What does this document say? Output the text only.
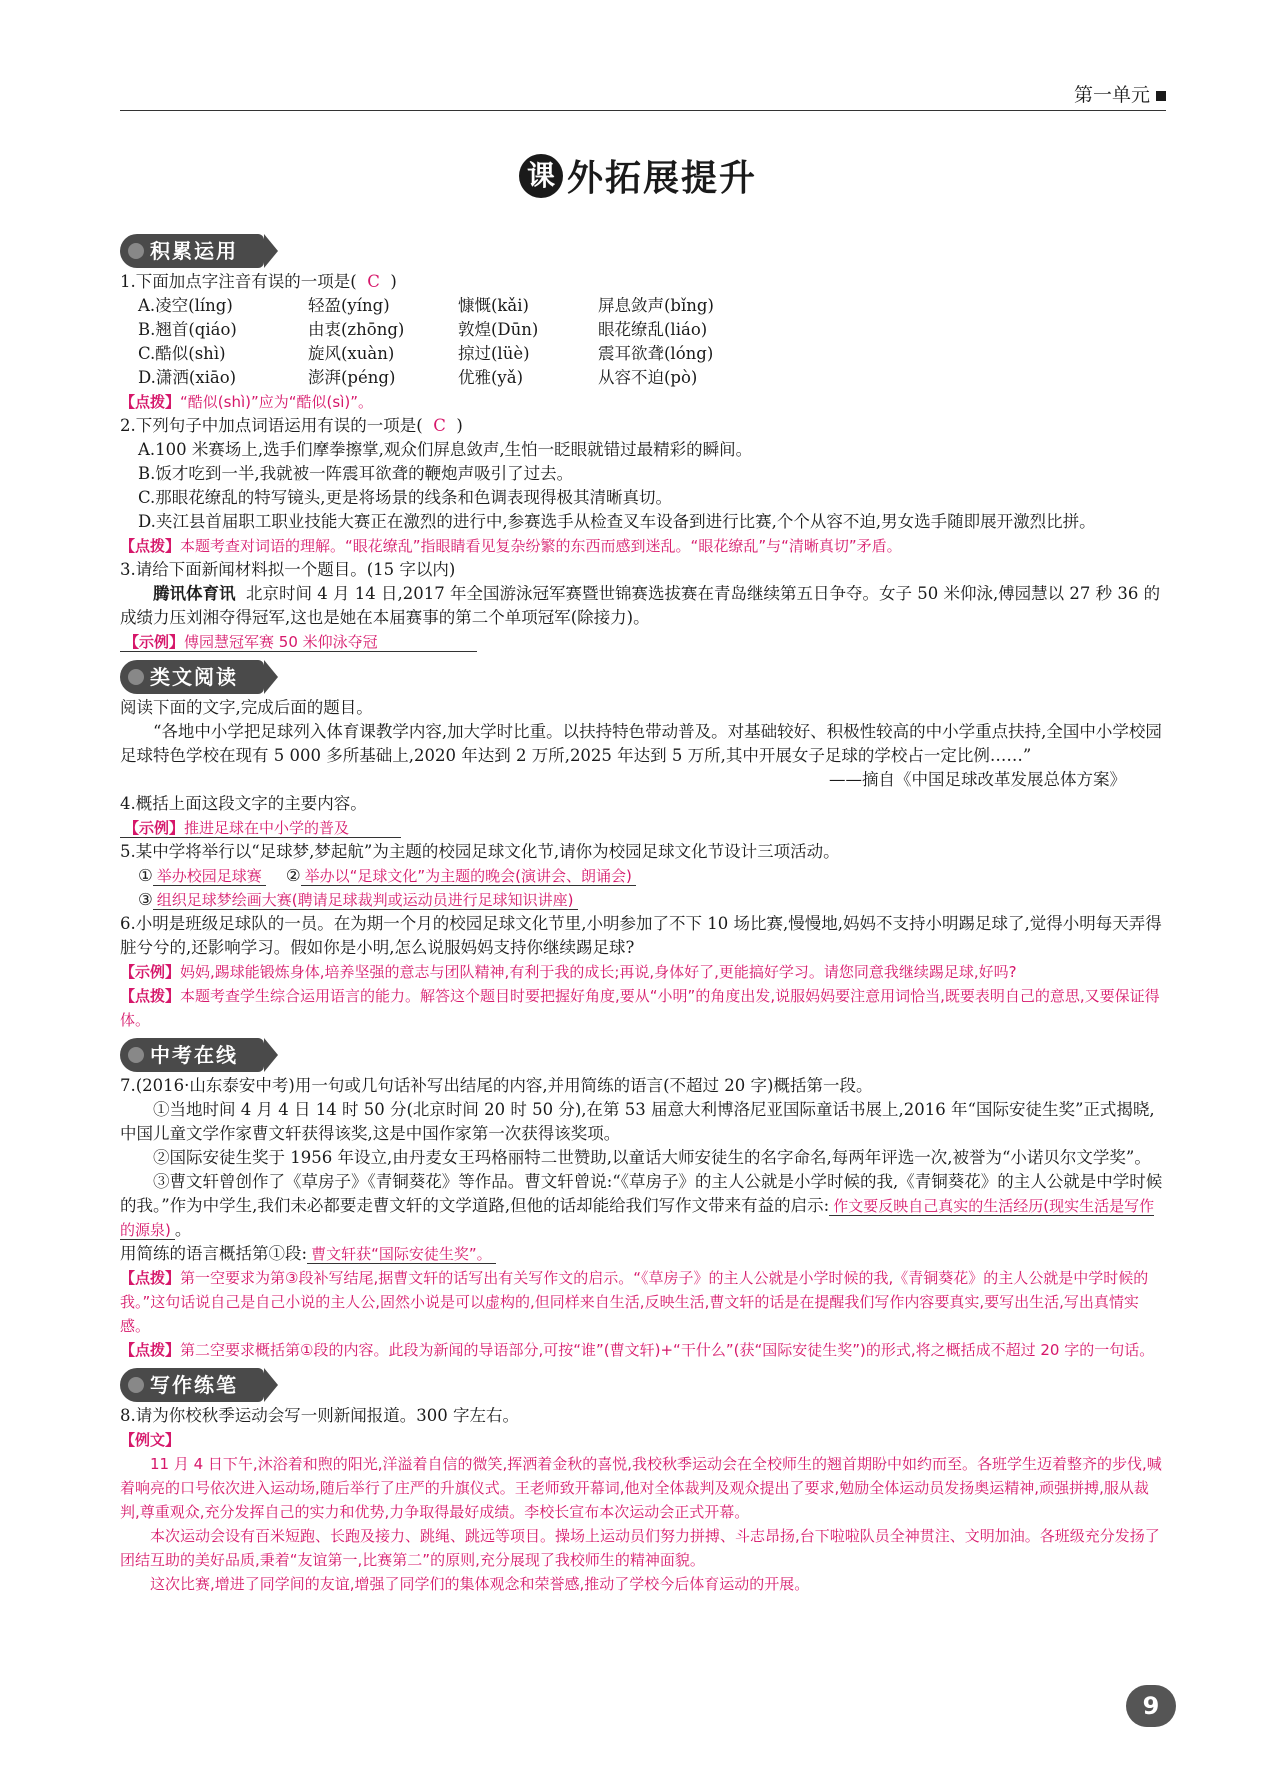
第一单元
课 外拓展提升
积累运用

1.下面加点字注音有误的一项是( C )

A.凌空(líng)	轻盈(yíng)	慷慨(kǎi)	屏息敛声(bǐng)
B.翘首(qiáo)	由衷(zhōng)	敦煌(Dūn)	眼花缭乱(liáo)
C.酷似(shì)	旋风(xuàn)	掠过(lüè)	震耳欲聋(lóng)
D.潇洒(xiāo)	澎湃(péng)	优雅(yǎ)	从容不迫(pò)

【点拨】“酷似(shì)”应为“酷似(sì)”。

2.下列句子中加点词语运用有误的一项是( C )

A.100 米赛场上,选手们摩拳擦掌,观众们屏息敛声,生怕一眨眼就错过最精彩的瞬间。

B.饭才吃到一半,我就被一阵震耳欲聋的鞭炮声吸引了过去。

C.那眼花缭乱的特写镜头,更是将场景的线条和色调表现得极其清晰真切。

D.夹江县首届职工职业技能大赛正在激烈的进行中,参赛选手从检查叉车设备到进行比赛,个个从容不迫,男女选手随即展开激烈比拼。

【点拨】本题考查对词语的理解。“眼花缭乱”指眼睛看见复杂纷繁的东西而感到迷乱。“眼花缭乱”与“清晰真切”矛盾。

3.请给下面新闻材料拟一个题目。(15 字以内)

腾讯体育讯 北京时间 4 月 14 日,2017 年全国游泳冠军赛暨世锦赛选拔赛在青岛继续第五日争夺。女子 50 米仰泳,傅园慧以 27 秒 36 的成绩力压刘湘夺得冠军,这也是她在本届赛事的第二个单项冠军(除接力)。

【示例】傅园慧冠军赛 50 米仰泳夺冠

类文阅读

阅读下面的文字,完成后面的题目。

“各地中小学把足球列入体育课教学内容,加大学时比重。以扶持特色带动普及。对基础较好、积极性较高的中小学重点扶持,全国中小学校园足球特色学校在现有 5 000 多所基础上,2020 年达到 2 万所,2025 年达到 5 万所,其中开展女子足球的学校占一定比例……”

——摘自《中国足球改革发展总体方案》

4.概括上面这段文字的主要内容。

【示例】推进足球在中小学的普及

5.某中学将举行以“足球梦,梦起航”为主题的校园足球文化节,请你为校园足球文化节设计三项活动。

① 举办校园足球赛 ② 举办以“足球文化”为主题的晚会(演讲会、朗诵会)

③ 组织足球梦绘画大赛(聘请足球裁判或运动员进行足球知识讲座)

6.小明是班级足球队的一员。在为期一个月的校园足球文化节里,小明参加了不下 10 场比赛,慢慢地,妈妈不支持小明踢足球了,觉得小明每天弄得脏兮兮的,还影响学习。假如你是小明,怎么说服妈妈支持你继续踢足球?

【示例】妈妈,踢球能锻炼身体,培养坚强的意志与团队精神,有利于我的成长;再说,身体好了,更能搞好学习。请您同意我继续踢足球,好吗?

【点拨】本题考查学生综合运用语言的能力。解答这个题目时要把握好角度,要从“小明”的角度出发,说服妈妈要注意用词恰当,既要表明自己的意思,又要保证得体。

中考在线

7.(2016·山东泰安中考)用一句或几句话补写出结尾的内容,并用简练的语言(不超过 20 字)概括第一段。

①当地时间 4 月 4 日 14 时 50 分(北京时间 20 时 50 分),在第 53 届意大利博洛尼亚国际童话书展上,2016 年“国际安徒生奖”正式揭晓,中国儿童文学作家曹文轩获得该奖,这是中国作家第一次获得该奖项。

②国际安徒生奖于 1956 年设立,由丹麦女王玛格丽特二世赞助,以童话大师安徒生的名字命名,每两年评选一次,被誉为“小诺贝尔文学奖”。

③曹文轩曾创作了《草房子》《青铜葵花》等作品。曹文轩曾说:“《草房子》的主人公就是小学时候的我,《青铜葵花》的主人公就是中学时候的我。”作为中学生,我们未必都要走曹文轩的文学道路,但他的话却能给我们写作文带来有益的启示: 作文要反映自己真实的生活经历(现实生活是写作的源泉) 。

用简练的语言概括第①段: 曹文轩获“国际安徒生奖”。

【点拨】第一空要求为第③段补写结尾,据曹文轩的话写出有关写作文的启示。“《草房子》的主人公就是小学时候的我,《青铜葵花》的主人公就是中学时候的我。”这句话说自己是自己小说的主人公,固然小说是可以虚构的,但同样来自生活,反映生活,曹文轩的话是在提醒我们写作内容要真实,要写出生活,写出真情实感。

【点拨】第二空要求概括第①段的内容。此段为新闻的导语部分,可按“谁”(曹文轩)+“干什么”(获“国际安徒生奖”)的形式,将之概括成不超过 20 字的一句话。

写作练笔

8.请为你校秋季运动会写一则新闻报道。300 字左右。

【例文】

11 月 4 日下午,沐浴着和煦的阳光,洋溢着自信的微笑,挥洒着金秋的喜悦,我校秋季运动会在全校师生的翘首期盼中如约而至。各班学生迈着整齐的步伐,喊着响亮的口号依次进入运动场,随后举行了庄严的升旗仪式。王老师致开幕词,他对全体裁判及观众提出了要求,勉励全体运动员发扬奥运精神,顽强拼搏,服从裁判,尊重观众,充分发挥自己的实力和优势,力争取得最好成绩。李校长宣布本次运动会正式开幕。

本次运动会设有百米短跑、长跑及接力、跳绳、跳远等项目。操场上运动员们努力拼搏、斗志昂扬,台下啦啦队员全神贯注、文明加油。各班级充分发扬了团结互助的美好品质,秉着“友谊第一,比赛第二”的原则,充分展现了我校师生的精神面貌。

这次比赛,增进了同学间的友谊,增强了同学们的集体观念和荣誉感,推动了学校今后体育运动的开展。

9
